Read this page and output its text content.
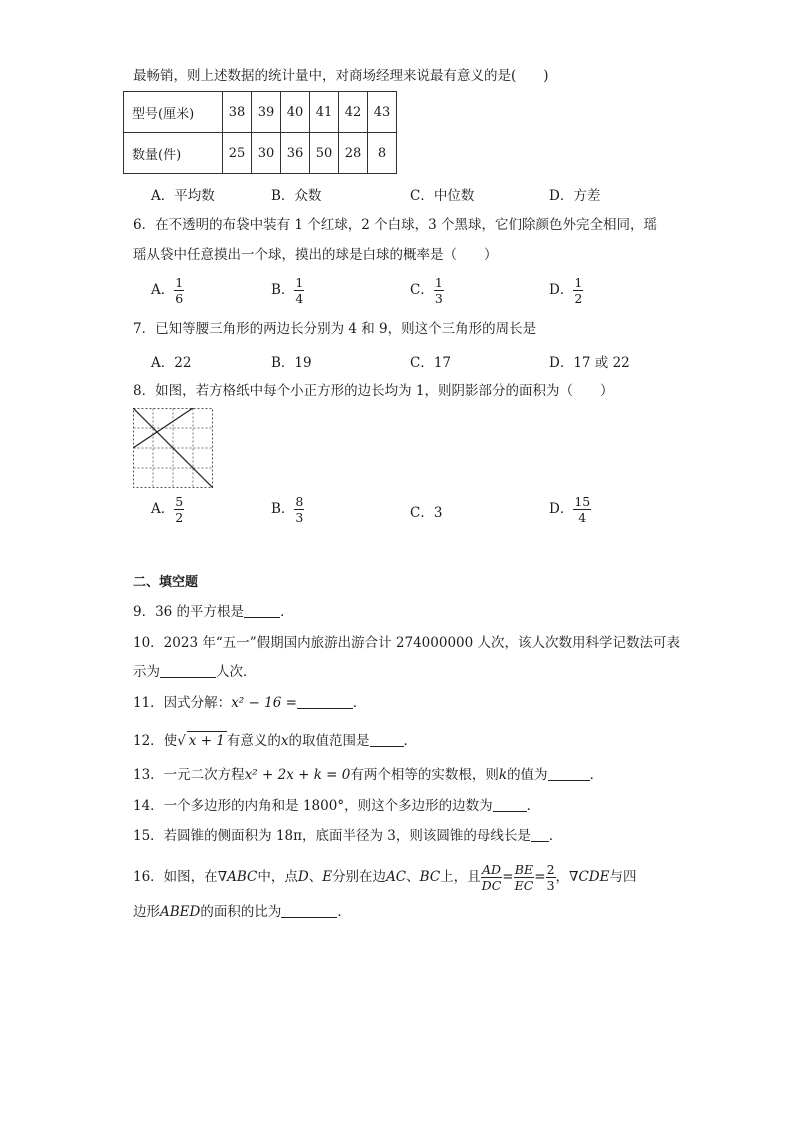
最畅销，则上述数据的统计量中，对商场经理来说最有意义的是(　　)
型号(厘米)	38	39	40	41	42	43
数量(件)	25	30	36	50	28	8
A．平均数	B．众数	C．中位数	D．方差
6．在不透明的布袋中装有 1 个红球，2 个白球，3 个黑球，它们除颜色外完全相同，瑶
瑶从袋中任意摸出一个球，摸出的球是白球的概率是（　　）
A． $\frac{1}{6}$	B． $\frac{1}{4}$	C． $\frac{1}{3}$	D． $\frac{1}{2}$
7．已知等腰三角形的两边长分别为 4 和 9，则这个三角形的周长是
A．22	B．19	C．17	D．17 或 22
8．如图，若方格纸中每个小正方形的边长均为 1，则阴影部分的面积为（　　）
A． $\frac{5}{2}$	B． $\frac{8}{3}$	C．3	D． $\frac{15}{4}$
二、填空题
9．36 的平方根是	．
10．2023 年“五一”假期国内旅游出游合计 274000000 人次，该人次数用科学记数法可表
示为	人次．
11．因式分解：x² − 16 =	．
12．使√ x + 1 有意义的x的取值范围是	．
13．一元二次方程x² + 2x + k = 0有两个相等的实数根，则k的值为	．
14．一个多边形的内角和是 1800°，则这个多边形的边数为	．
15．若圆锥的侧面积为 18π，底面半径为 3，则该圆锥的母线长是 ．
16．如图，在∇ABC中，点D、E分别在边AC、BC上，且 $\frac{AD}{DC} = \frac{BE}{EC} = \frac{2}{3}$ ，∇CDE与四
边形ABED的面积的比为	．
